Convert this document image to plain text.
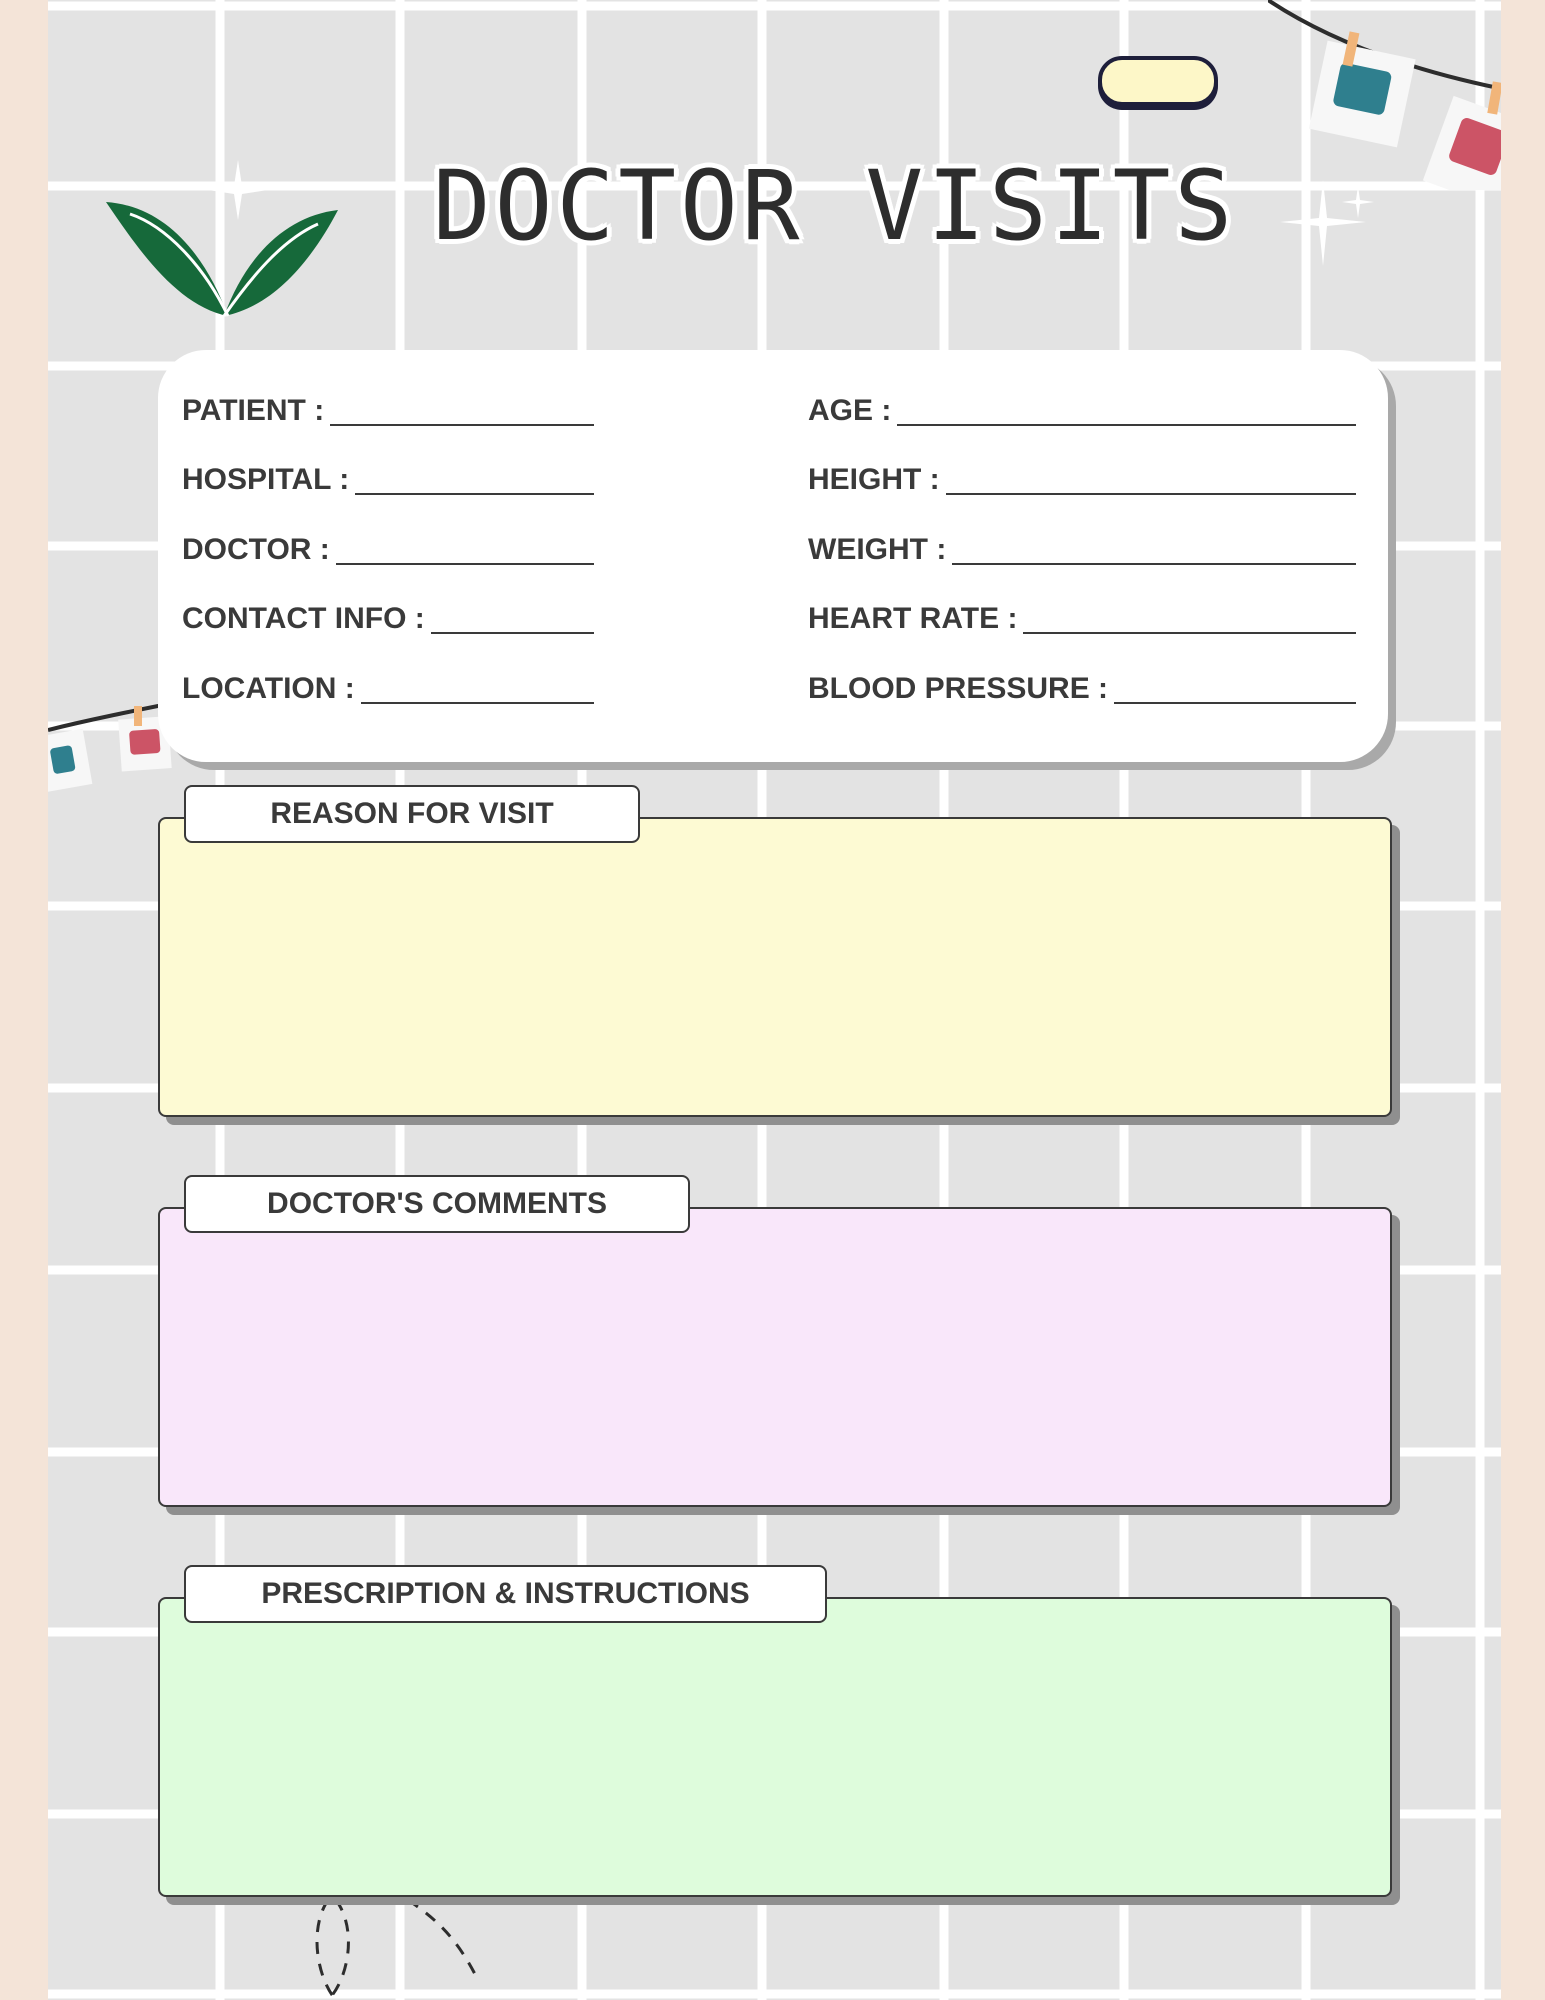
DOCTOR VISITS
PATIENT :
HOSPITAL :
DOCTOR :
CONTACT INFO :
LOCATION :
AGE :
HEIGHT :
WEIGHT :
HEART RATE :
BLOOD PRESSURE :
REASON FOR VISIT
DOCTOR'S COMMENTS
PRESCRIPTION & INSTRUCTIONS
